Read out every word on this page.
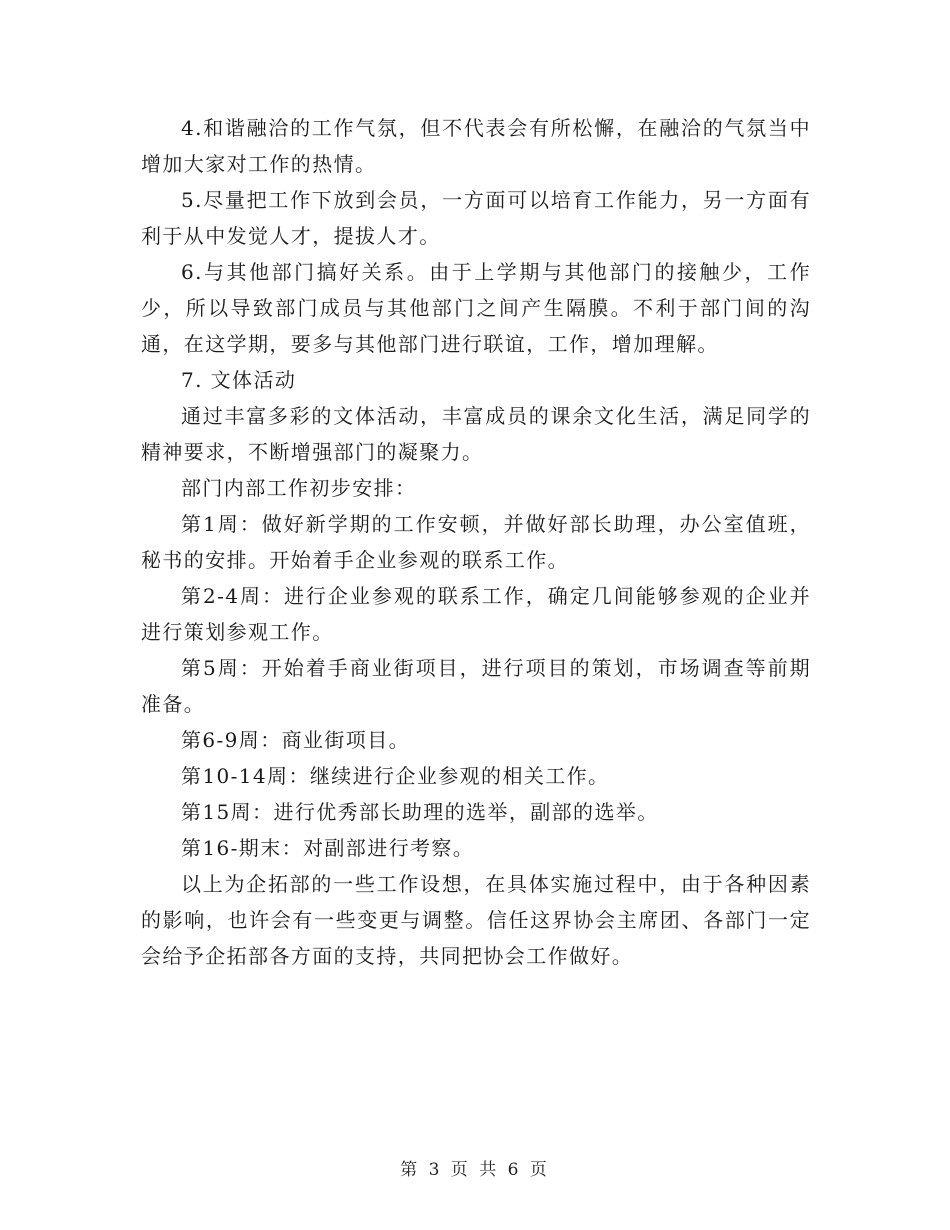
4.和谐融洽的工作气氛，但不代表会有所松懈，在融洽的气氛当中增加大家对工作的热情。

5.尽量把工作下放到会员，一方面可以培育工作能力，另一方面有利于从中发觉人才，提拔人才。

6.与其他部门搞好关系。由于上学期与其他部门的接触少，工作少，所以导致部门成员与其他部门之间产生隔膜。不利于部门间的沟通，在这学期，要多与其他部门进行联谊，工作，增加理解。

7. 文体活动

通过丰富多彩的文体活动，丰富成员的课余文化生活，满足同学的精神要求，不断增强部门的凝聚力。

部门内部工作初步安排：

第1周：做好新学期的工作安顿，并做好部长助理，办公室值班，秘书的安排。开始着手企业参观的联系工作。

第2-4周：进行企业参观的联系工作，确定几间能够参观的企业并进行策划参观工作。

第5周：开始着手商业街项目，进行项目的策划，市场调查等前期准备。

第6-9周：商业街项目。

第10-14周：继续进行企业参观的相关工作。

第15周：进行优秀部长助理的选举，副部的选举。

第16-期末：对副部进行考察。

以上为企拓部的一些工作设想，在具体实施过程中，由于各种因素的影响，也许会有一些变更与调整。信任这界协会主席团、各部门一定会给予企拓部各方面的支持，共同把协会工作做好。

第 3 页 共 6 页
